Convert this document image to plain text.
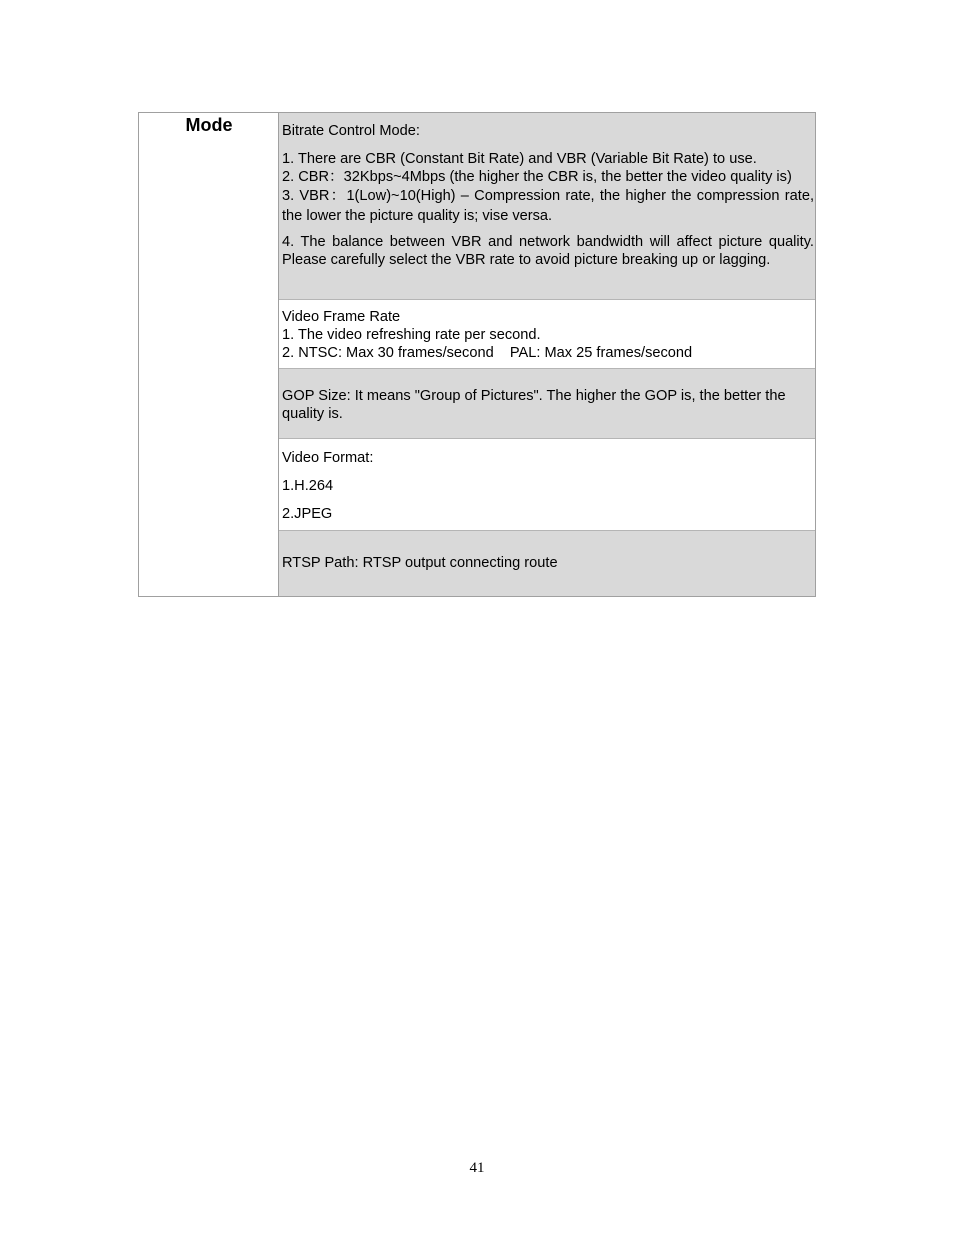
Mode	Bitrate Control Mode:

1. There are CBR (Constant Bit Rate) and VBR (Variable Bit Rate) to use.

2. CBR：32Kbps~4Mbps (the higher the CBR is, the better the video quality is)

3. VBR：1(Low)~10(High) – Compression rate, the higher the compression rate, the lower the picture quality is; vise versa.

4. The balance between VBR and network bandwidth will affect picture quality. Please carefully select the VBR rate to avoid picture breaking up or lagging.

Video Frame Rate

1. The video refreshing rate per second.

2. NTSC: Max 30 frames/second    PAL: Max 25 frames/second

GOP Size: It means "Group of Pictures". The higher the GOP is, the better the quality is.

Video Format:

1.H.264

2.JPEG

RTSP Path: RTSP output connecting route

41
